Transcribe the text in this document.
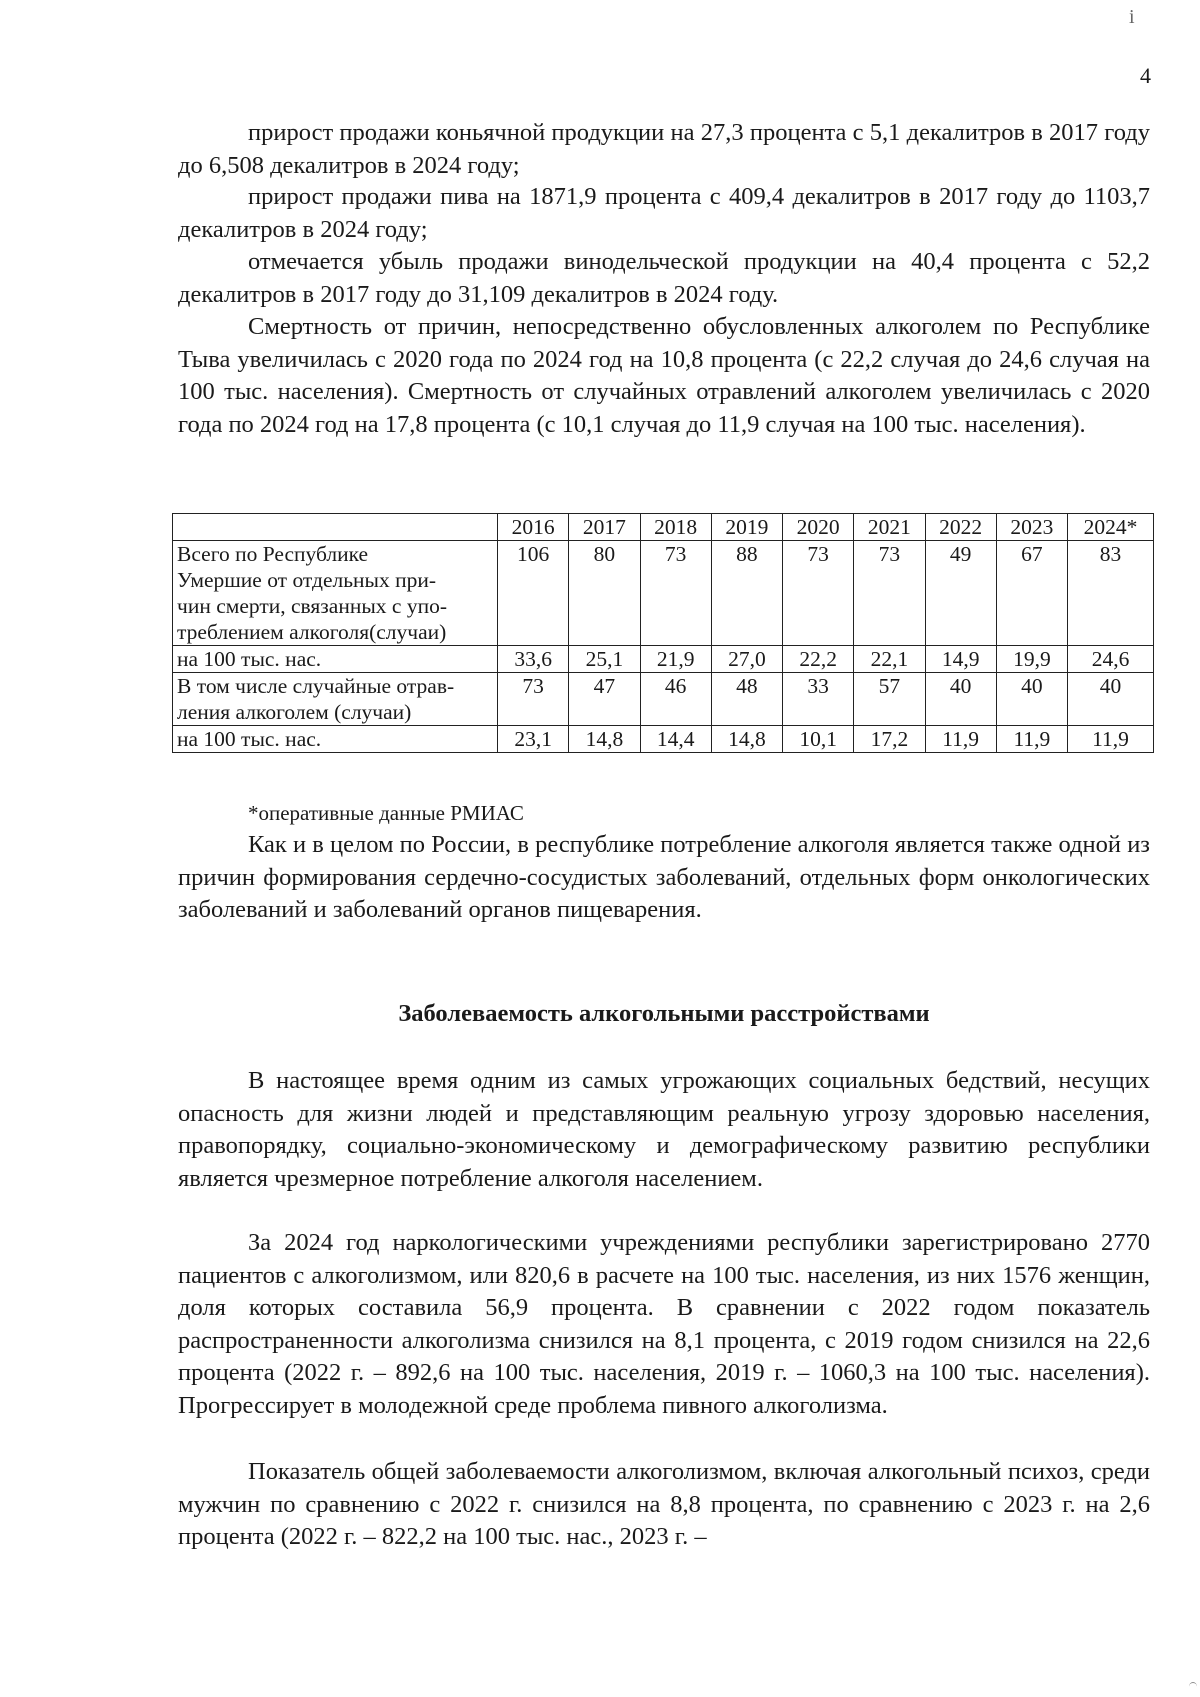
i
4

прирост продажи коньячной продукции на 27,3 процента с 5,1 декалитров в 2017 году до 6,508 декалитров в 2024 году;

прирост продажи пива на 1871,9 процента с 409,4 декалитров в 2017 году до 1103,7 декалитров в 2024 году;

отмечается убыль продажи винодельческой продукции на 40,4 процента с 52,2 декалитров в 2017 году до 31,109 декалитров в 2024 году.

Смертность от причин, непосредственно обусловленных алкоголем по Республике Тыва увеличилась с 2020 года по 2024 год на 10,8 процента (с 22,2 случая до 24,6 случая на 100 тыс. населения). Смертность от случайных отравлений алкоголем увеличилась с 2020 года по 2024 год на 17,8 процента (с 10,1 случая до 11,9 случая на 100 тыс. населения).

	2016	2017	2018	2019	2020	2021	2022	2023	2024*

Всего по Республике
Умершие от отдельных при-
чин смерти, связанных с упо-
треблением алкоголя(случаи)	106	80	73	88	73	73	49	67	83

на 100 тыс. нас.	33,6	25,1	21,9	27,0	22,2	22,1	14,9	19,9	24,6

В том числе случайные отрав-
ления алкоголем (случаи)	73	47	46	48	33	57	40	40	40

на 100 тыс. нас.	23,1	14,8	14,4	14,8	10,1	17,2	11,9	11,9	11,9

*оперативные данные РМИАС

Как и в целом по России, в республике потребление алкоголя является также одной из причин формирования сердечно-сосудистых заболеваний, отдельных форм онкологических заболеваний и заболеваний органов пищеварения.

Заболеваемость алкогольными расстройствами

В настоящее время одним из самых угрожающих социальных бедствий, несущих опасность для жизни людей и представляющим реальную угрозу здоровью населения, правопорядку, социально-экономическому и демографическому развитию республики является чрезмерное потребление алкоголя населением.

За 2024 год наркологическими учреждениями республики зарегистрировано 2770 пациентов с алкоголизмом, или 820,6 в расчете на 100 тыс. населения, из них 1576 женщин, доля которых составила 56,9 процента. В сравнении с 2022 годом показатель распространенности алкоголизма снизился на 8,1 процента, с 2019 годом снизился на 22,6 процента (2022 г. – 892,6 на 100 тыс. населения, 2019 г. – 1060,3 на 100 тыс. населения). Прогрессирует в молодежной среде проблема пивного алкоголизма.

Показатель общей заболеваемости алкоголизмом, включая алкогольный психоз, среди мужчин по сравнению с 2022 г. снизился на 8,8 процента, по сравнению с 2023 г. на 2,6 процента (2022 г. – 822,2 на 100 тыс. нас., 2023 г. –
